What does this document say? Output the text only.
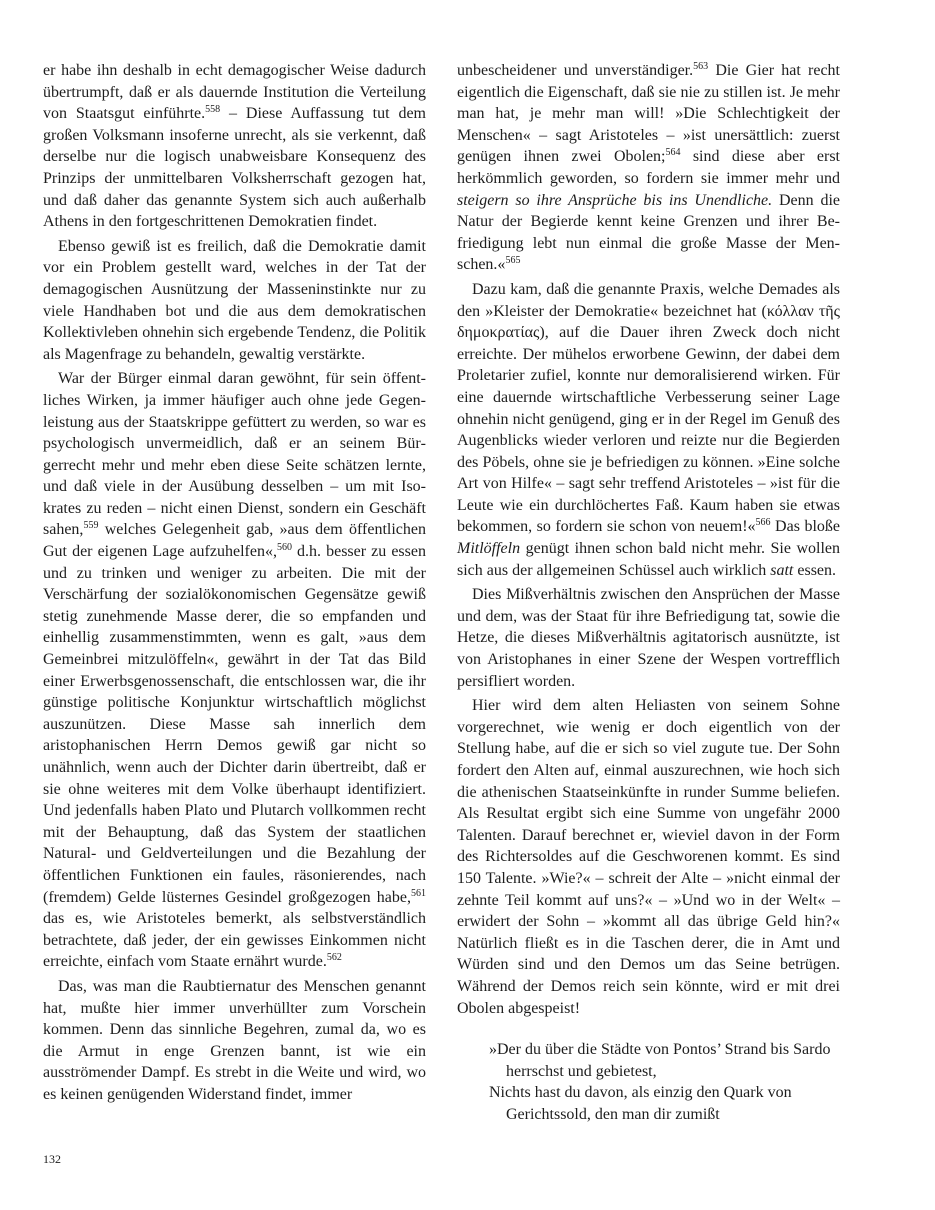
er habe ihn deshalb in echt demagogischer Weise dadurch übertrumpft, daß er als dauernde Institution die Verteilung von Staatsgut einführte.$^{558}$ – Diese Auffassung tut dem großen Volksmann insoferne unrecht, als sie verkennt, daß derselbe nur die logisch unabweisbare Konsequenz des Prinzips der unmittelbaren Volksherrschaft gezogen hat, und daß daher das genannte System sich auch außerhalb Athens in den fortgeschrittenen Demokratien findet.

Ebenso gewiß ist es freilich, daß die Demokratie damit vor ein Problem gestellt ward, welches in der Tat der demagogischen Ausnützung der Masseninstinkte nur zu viele Handhaben bot und die aus dem demokratischen Kollektivleben ohnehin sich ergebende Tendenz, die Politik als Magenfrage zu behandeln, gewaltig verstärkte.

War der Bürger einmal daran gewöhnt, für sein öffentliches Wirken, ja immer häufiger auch ohne jede Gegenleistung aus der Staatskrippe gefüttert zu werden, so war es psychologisch unvermeidlich, daß er an seinem Bürgerrecht mehr und mehr eben diese Seite schätzen lernte, und daß viele in der Ausübung desselben – um mit Isokrates zu reden – nicht einen Dienst, sondern ein Geschäft sahen,$^{559}$ welches Gelegenheit gab, »aus dem öffentlichen Gut der eigenen Lage aufzuhelfen«,$^{560}$ d.h. besser zu essen und zu trinken und weniger zu arbeiten. Die mit der Verschärfung der sozialökonomischen Gegensätze gewiß stetig zunehmende Masse derer, die so empfanden und einhellig zusammenstimmten, wenn es galt, »aus dem Gemeinbrei mitzulöffeln«, gewährt in der Tat das Bild einer Erwerbsgenossenschaft, die entschlossen war, die ihr günstige politische Konjunktur wirtschaftlich möglichst auszunützen. Diese Masse sah innerlich dem aristophanischen Herrn Demos gewiß gar nicht so unähnlich, wenn auch der Dichter darin übertreibt, daß er sie ohne weiteres mit dem Volke überhaupt identifiziert. Und jedenfalls haben Plato und Plutarch vollkommen recht mit der Behauptung, daß das System der staatlichen Natural- und Geldverteilungen und die Bezahlung der öffentlichen Funktionen ein faules, räsonierendes, nach (fremdem) Gelde lüsternes Gesindel großgezogen habe,$^{561}$ das es, wie Aristoteles bemerkt, als selbstverständlich betrachtete, daß jeder, der ein gewisses Einkommen nicht erreichte, einfach vom Staate ernährt wurde.$^{562}$

Das, was man die Raubtiernatur des Menschen genannt hat, mußte hier immer unverhüllter zum Vorschein kommen. Denn das sinnliche Begehren, zumal da, wo es die Armut in enge Grenzen bannt, ist wie ein ausströmender Dampf. Es strebt in die Weite und wird, wo es keinen genügenden Widerstand findet, immer

unbescheidener und unverständiger.$^{563}$ Die Gier hat recht eigentlich die Eigenschaft, daß sie nie zu stillen ist. Je mehr man hat, je mehr man will! »Die Schlechtigkeit der Menschen« – sagt Aristoteles – »ist unersättlich: zuerst genügen ihnen zwei Obolen;$^{564}$ sind diese aber erst herkömmlich geworden, so fordern sie immer mehr und steigern so ihre Ansprüche bis ins Unendliche. Denn die Natur der Begierde kennt keine Grenzen und ihrer Befriedigung lebt nun einmal die große Masse der Menschen.«$^{565}$

Dazu kam, daß die genannte Praxis, welche Demades als den »Kleister der Demokratie« bezeichnet hat (κόλλαν τῆς δημοκρατίας), auf die Dauer ihren Zweck doch nicht erreichte. Der mühelos erworbene Gewinn, der dabei dem Proletarier zufiel, konnte nur demoralisierend wirken. Für eine dauernde wirtschaftliche Verbesserung seiner Lage ohnehin nicht genügend, ging er in der Regel im Genuß des Augenblicks wieder verloren und reizte nur die Begierden des Pöbels, ohne sie je befriedigen zu können. »Eine solche Art von Hilfe« – sagt sehr treffend Aristoteles – »ist für die Leute wie ein durchlöchertes Faß. Kaum haben sie etwas bekommen, so fordern sie schon von neuem!«$^{566}$ Das bloße Mitlöffeln genügt ihnen schon bald nicht mehr. Sie wollen sich aus der allgemeinen Schüssel auch wirklich satt essen.

Dies Mißverhältnis zwischen den Ansprüchen der Masse und dem, was der Staat für ihre Befriedigung tat, sowie die Hetze, die dieses Mißverhältnis agitatorisch ausnützte, ist von Aristophanes in einer Szene der Wespen vortrefflich persifliert worden.

Hier wird dem alten Heliasten von seinem Sohne vorgerechnet, wie wenig er doch eigentlich von der Stellung habe, auf die er sich so viel zugute tue. Der Sohn fordert den Alten auf, einmal auszurechnen, wie hoch sich die athenischen Staatseinkünfte in runder Summe beliefen. Als Resultat ergibt sich eine Summe von ungefähr 2000 Talenten. Darauf berechnet er, wieviel davon in der Form des Richtersoldes auf die Geschworenen kommt. Es sind 150 Talente. »Wie?« – schreit der Alte – »nicht einmal der zehnte Teil kommt auf uns?« – »Und wo in der Welt« – erwidert der Sohn – »kommt all das übrige Geld hin?« Natürlich fließt es in die Taschen derer, die in Amt und Würden sind und den Demos um das Seine betrügen. Während der Demos reich sein könnte, wird er mit drei Obolen abgespeist!

»Der du über die Städte von Pontos’ Strand bis Sardo

herrschst und gebietest,

Nichts hast du davon, als einzig den Quark von

Gerichtssold, den man dir zumißt

132
